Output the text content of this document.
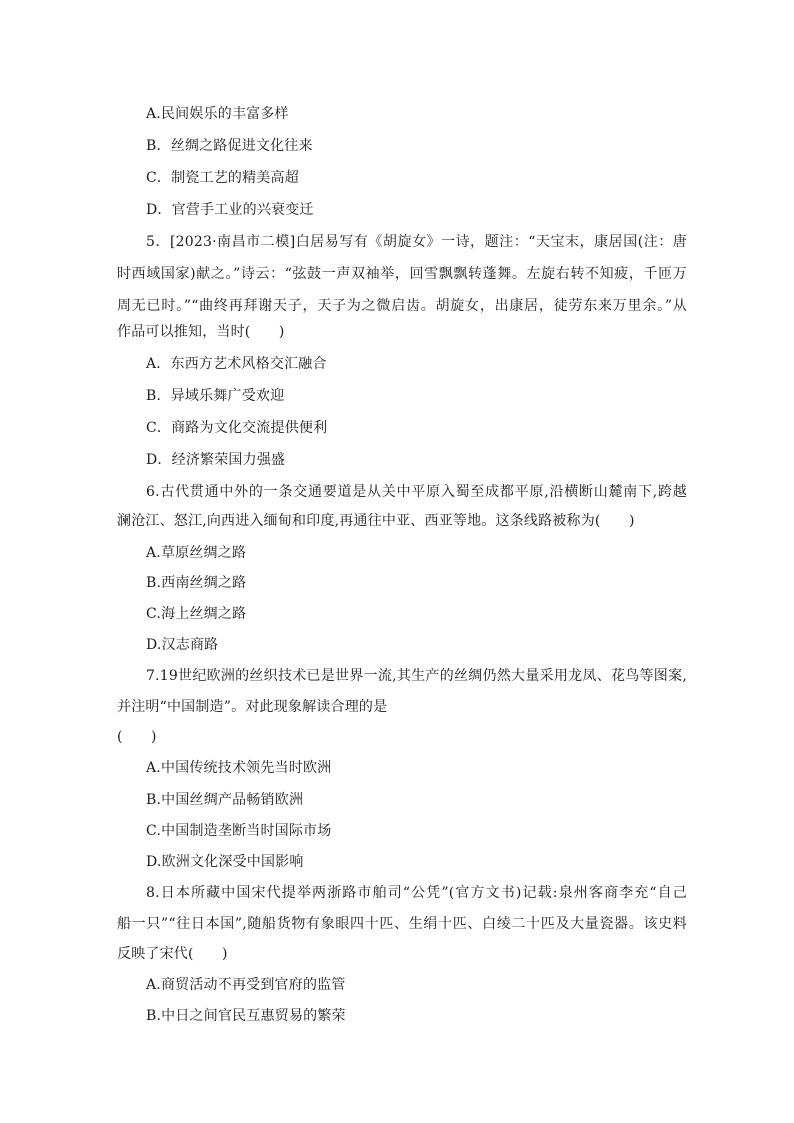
A.民间娱乐的丰富多样
B．丝绸之路促进文化往来
C．制瓷工艺的精美高超
D．官营手工业的兴衰变迁
5．[2023·南昌市二模]白居易写有《胡旋女》一诗，题注：“天宝末，康居国(注：唐
时西域国家)献之。”诗云：“弦鼓一声双袖举，回雪飘飘转蓬舞。左旋右转不知疲，千匝万
周无已时。”“曲终再拜谢天子，天子为之微启齿。胡旋女，出康居，徒劳东来万里余。”从
作品可以推知，当时(　　)
A．东西方艺术风格交汇融合
B．异域乐舞广受欢迎
C．商路为文化交流提供便利
D．经济繁荣国力强盛
6.古代贯通中外的一条交通要道是从关中平原入蜀至成都平原,沿横断山麓南下,跨越
澜沧江、怒江,向西进入缅甸和印度,再通往中亚、西亚等地。这条线路被称为(　　)
A.草原丝绸之路
B.西南丝绸之路
C.海上丝绸之路
D.汉志商路
7.19世纪欧洲的丝织技术已是世界一流,其生产的丝绸仍然大量采用龙凤、花鸟等图案,
并注明“中国制造”。对此现象解读合理的是
(　　)
A.中国传统技术领先当时欧洲
B.中国丝绸产品畅销欧洲
C.中国制造垄断当时国际市场
D.欧洲文化深受中国影响
8.日本所藏中国宋代提举两浙路市舶司“公凭”(官方文书)记载:泉州客商李充“自己
船一只”“往日本国”,随船货物有象眼四十匹、生绢十匹、白绫二十匹及大量瓷器。该史料
反映了宋代(　　)
A.商贸活动不再受到官府的监管
B.中日之间官民互惠贸易的繁荣
